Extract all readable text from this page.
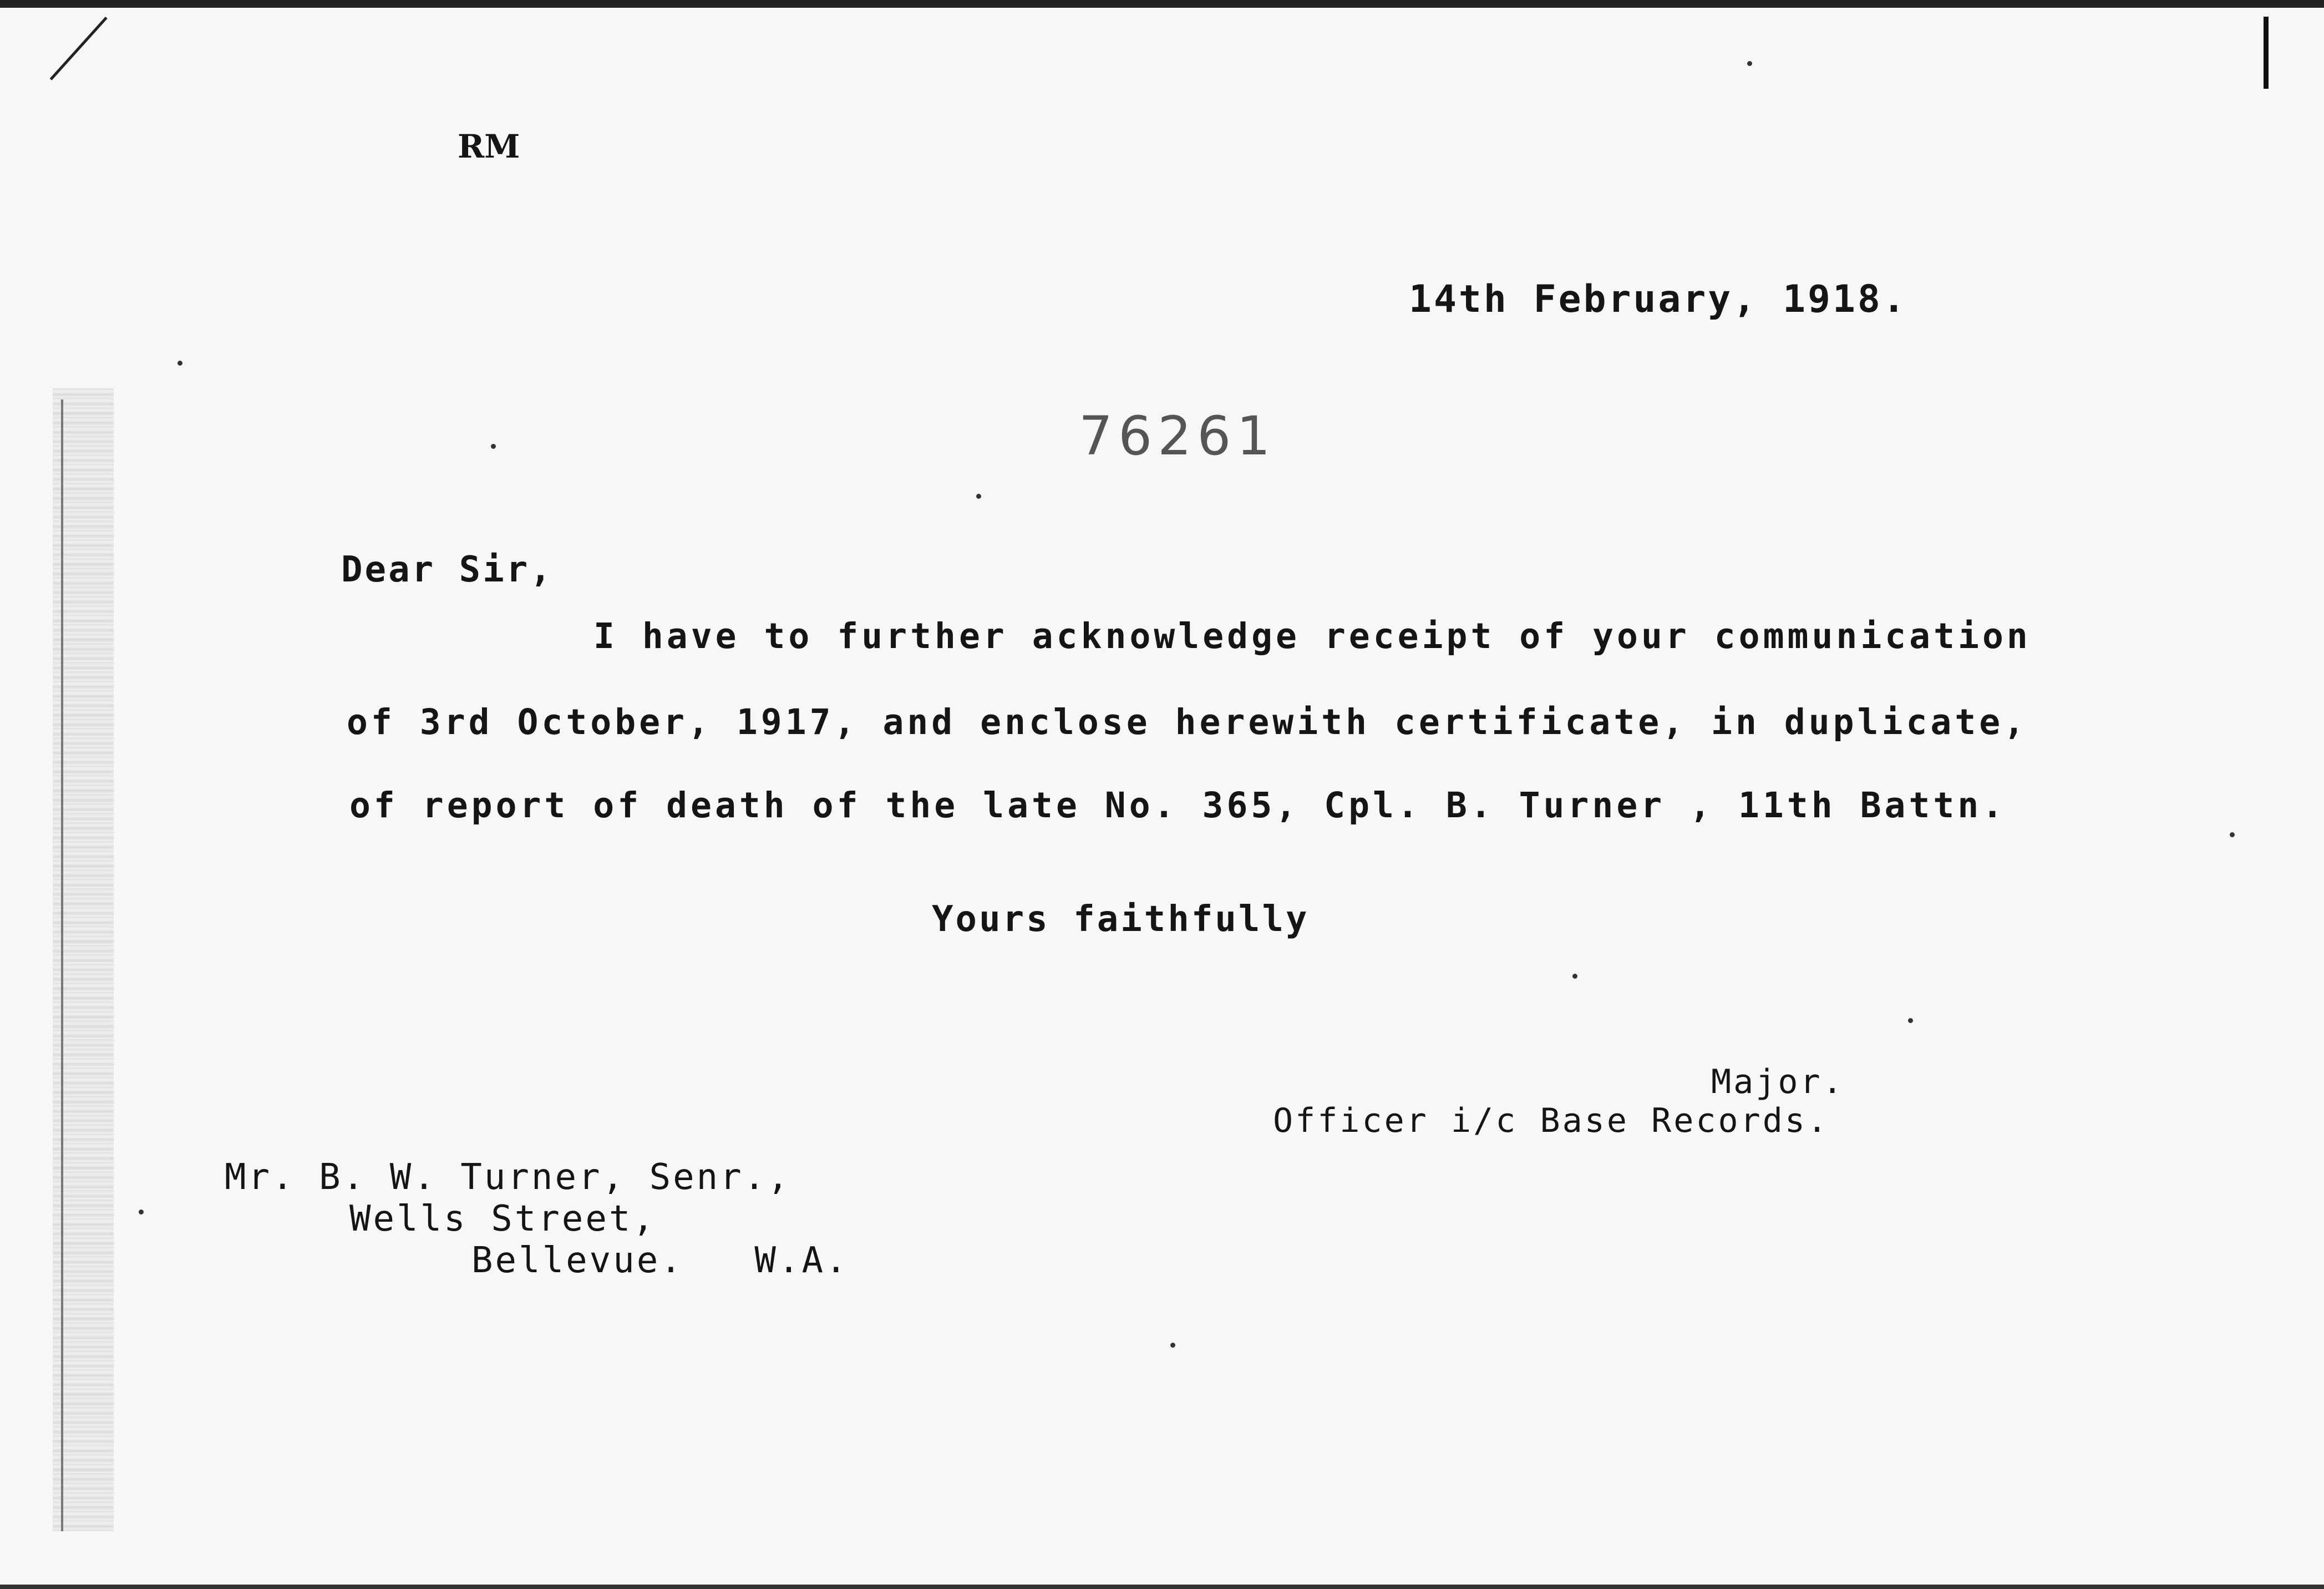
RM
14th February, 1918.
76261
Dear Sir,
I have to further acknowledge receipt of your communication
of 3rd October, 1917, and enclose herewith certificate, in duplicate,
of report of death of the late No. 365, Cpl. B. Turner , 11th Battn.
Yours faithfully
Major.
Officer i/c Base Records.
Mr. B. W. Turner, Senr.,
Wells Street,
Bellevue.   W.A.
